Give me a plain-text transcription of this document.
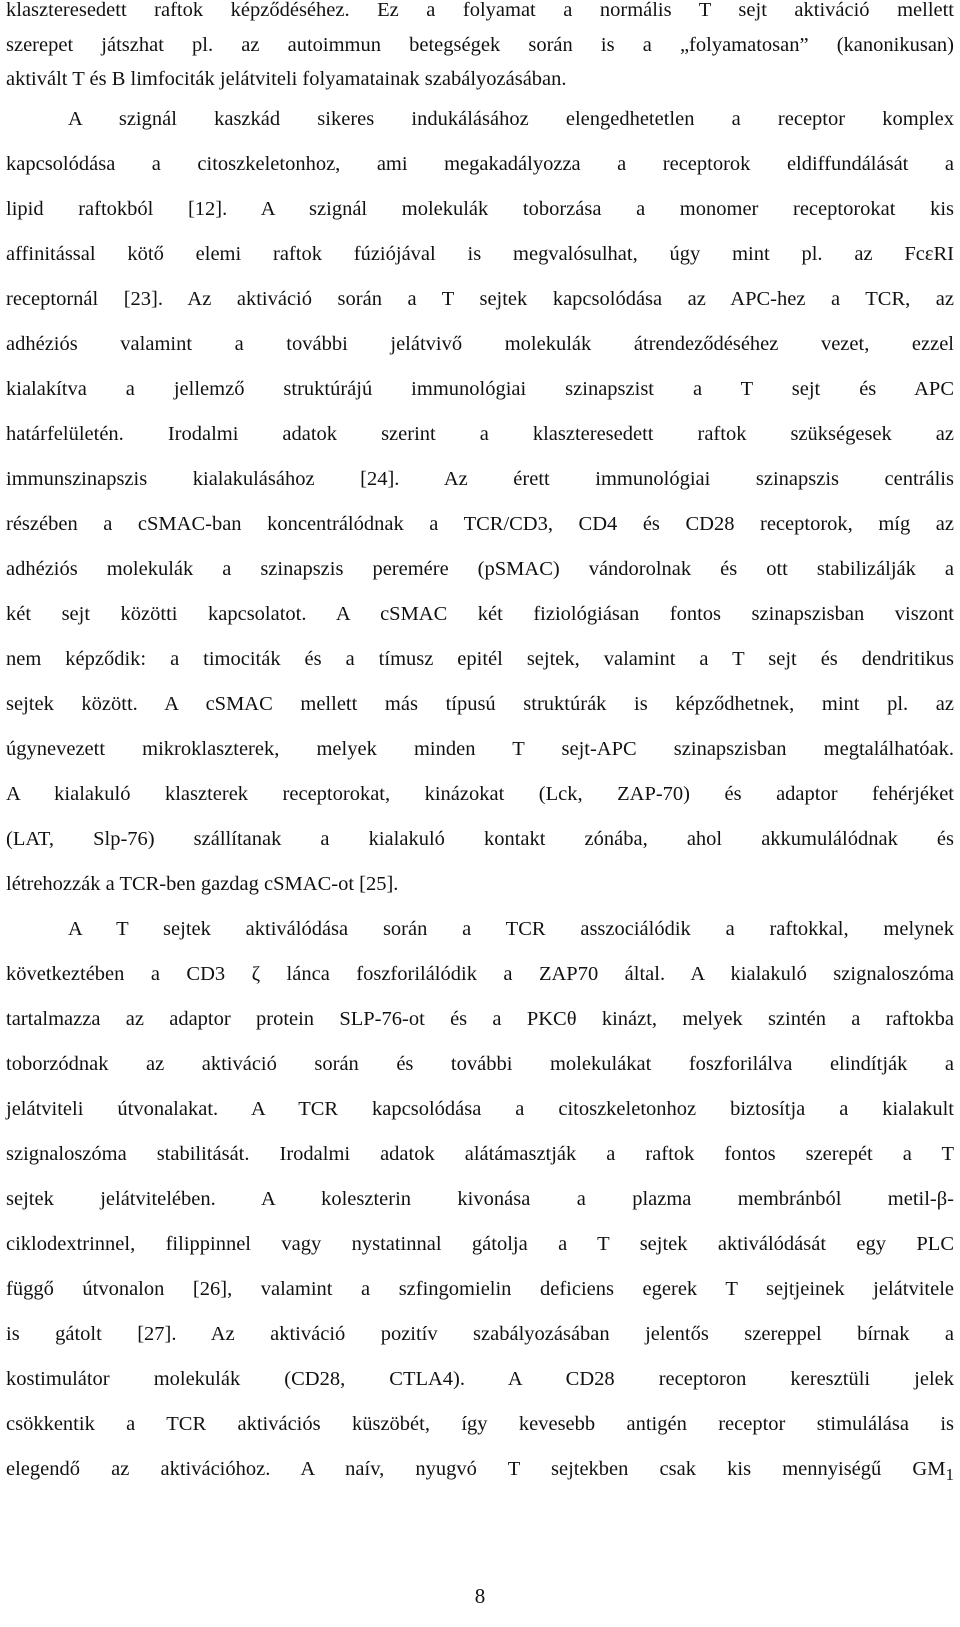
klaszteresedett raftok képződéséhez. Ez a folyamat a normális T sejt aktiváció mellett
szerepet játszhat pl. az autoimmun betegségek során is a „folyamatosan” (kanonikusan)
aktivált T és B limfociták jelátviteli folyamatainak szabályozásában.
A szignál kaszkád sikeres indukálásához elengedhetetlen a receptor komplex
kapcsolódása a citoszkeletonhoz, ami megakadályozza a receptorok eldiffundálását a
lipid raftokból [12]. A szignál molekulák toborzása a monomer receptorokat kis
affinitással kötő elemi raftok fúziójával is megvalósulhat, úgy mint pl. az FcεRI
receptornál [23]. Az aktiváció során a T sejtek kapcsolódása az APC-hez a TCR, az
adhéziós valamint a további jelátvivő molekulák átrendeződéséhez vezet, ezzel
kialakítva a jellemző struktúrájú immunológiai szinapszist a T sejt és APC
határfelületén. Irodalmi adatok szerint a klaszteresedett raftok szükségesek az
immunszinapszis kialakulásához [24]. Az érett immunológiai szinapszis centrális
részében a cSMAC-ban koncentrálódnak a TCR/CD3, CD4 és CD28 receptorok, míg az
adhéziós molekulák a szinapszis peremére (pSMAC) vándorolnak és ott stabilizálják a
két sejt közötti kapcsolatot. A cSMAC két fiziológiásan fontos szinapszisban viszont
nem képződik: a timociták és a tímusz epitél sejtek, valamint a T sejt és dendritikus
sejtek között. A cSMAC mellett más típusú struktúrák is képződhetnek, mint pl. az
úgynevezett mikroklaszterek, melyek minden T sejt-APC szinapszisban megtalálhatóak.
A kialakuló klaszterek receptorokat, kinázokat (Lck, ZAP-70) és adaptor fehérjéket
(LAT, Slp-76) szállítanak a kialakuló kontakt zónába, ahol akkumulálódnak és
létrehozzák a TCR-ben gazdag cSMAC-ot [25].
A T sejtek aktiválódása során a TCR asszociálódik a raftokkal, melynek
következtében a CD3 ζ lánca foszforilálódik a ZAP70 által. A kialakuló szignaloszóma
tartalmazza az adaptor protein SLP-76-ot és a PKCθ kinázt, melyek szintén a raftokba
toborzódnak az aktiváció során és további molekulákat foszforilálva elindítják a
jelátviteli útvonalakat. A TCR kapcsolódása a citoszkeletonhoz biztosítja a kialakult
szignaloszóma stabilitását. Irodalmi adatok alátámasztják a raftok fontos szerepét a T
sejtek jelátvitelében. A koleszterin kivonása a plazma membránból metil-β-
ciklodextrinnel, filippinnel vagy nystatinnal gátolja a T sejtek aktiválódását egy PLC
függő útvonalon [26], valamint a szfingomielin deficiens egerek T sejtjeinek jelátvitele
is gátolt [27]. Az aktiváció pozitív szabályozásában jelentős szereppel bírnak a
kostimulátor molekulák (CD28, CTLA4). A CD28 receptoron keresztüli jelek
csökkentik a TCR aktivációs küszöbét, így kevesebb antigén receptor stimulálása is
elegendő az aktivációhoz. A naív, nyugvó T sejtekben csak kis mennyiségű $GM_1$
8
